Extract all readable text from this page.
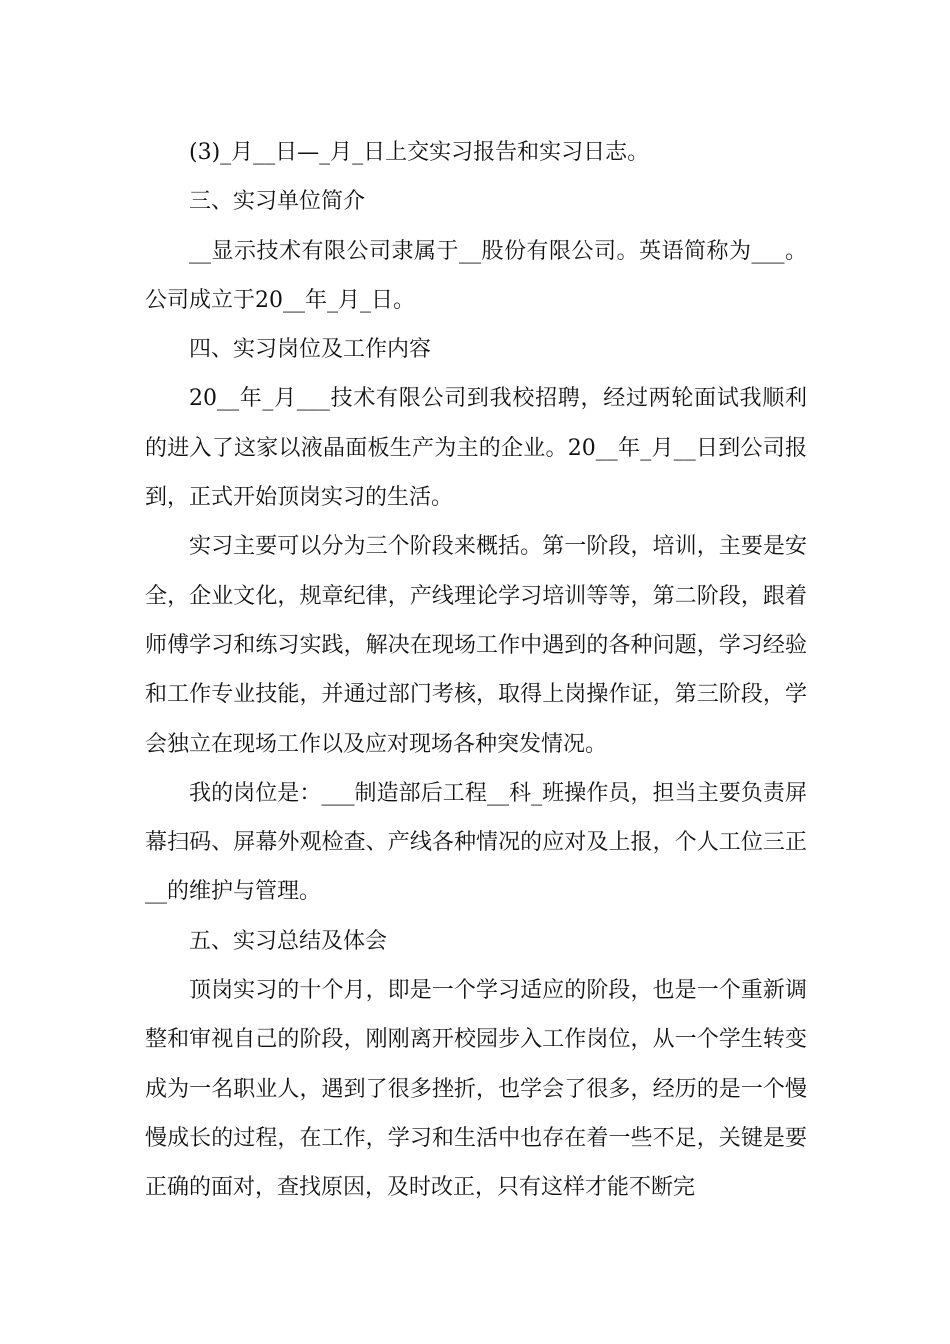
(3)_月__日—_月_日上交实习报告和实习日志。

三、实习单位简介

__显示技术有限公司隶属于__股份有限公司。英语简称为___。公司成立于20__年_月_日。

四、实习岗位及工作内容

20__年_月___技术有限公司到我校招聘，经过两轮面试我顺利的进入了这家以液晶面板生产为主的企业。20__年_月__日到公司报到，正式开始顶岗实习的生活。

实习主要可以分为三个阶段来概括。第一阶段，培训，主要是安全，企业文化，规章纪律，产线理论学习培训等等，第二阶段，跟着师傅学习和练习实践，解决在现场工作中遇到的各种问题，学习经验和工作专业技能，并通过部门考核，取得上岗操作证，第三阶段，学会独立在现场工作以及应对现场各种突发情况。

我的岗位是：___制造部后工程__科_班操作员，担当主要负责屏幕扫码、屏幕外观检查、产线各种情况的应对及上报，个人工位三正__的维护与管理。

五、实习总结及体会

顶岗实习的十个月，即是一个学习适应的阶段，也是一个重新调整和审视自己的阶段，刚刚离开校园步入工作岗位，从一个学生转变成为一名职业人，遇到了很多挫折，也学会了很多，经历的是一个慢慢成长的过程，在工作，学习和生活中也存在着一些不足，关键是要正确的面对，查找原因，及时改正，只有这样才能不断完
